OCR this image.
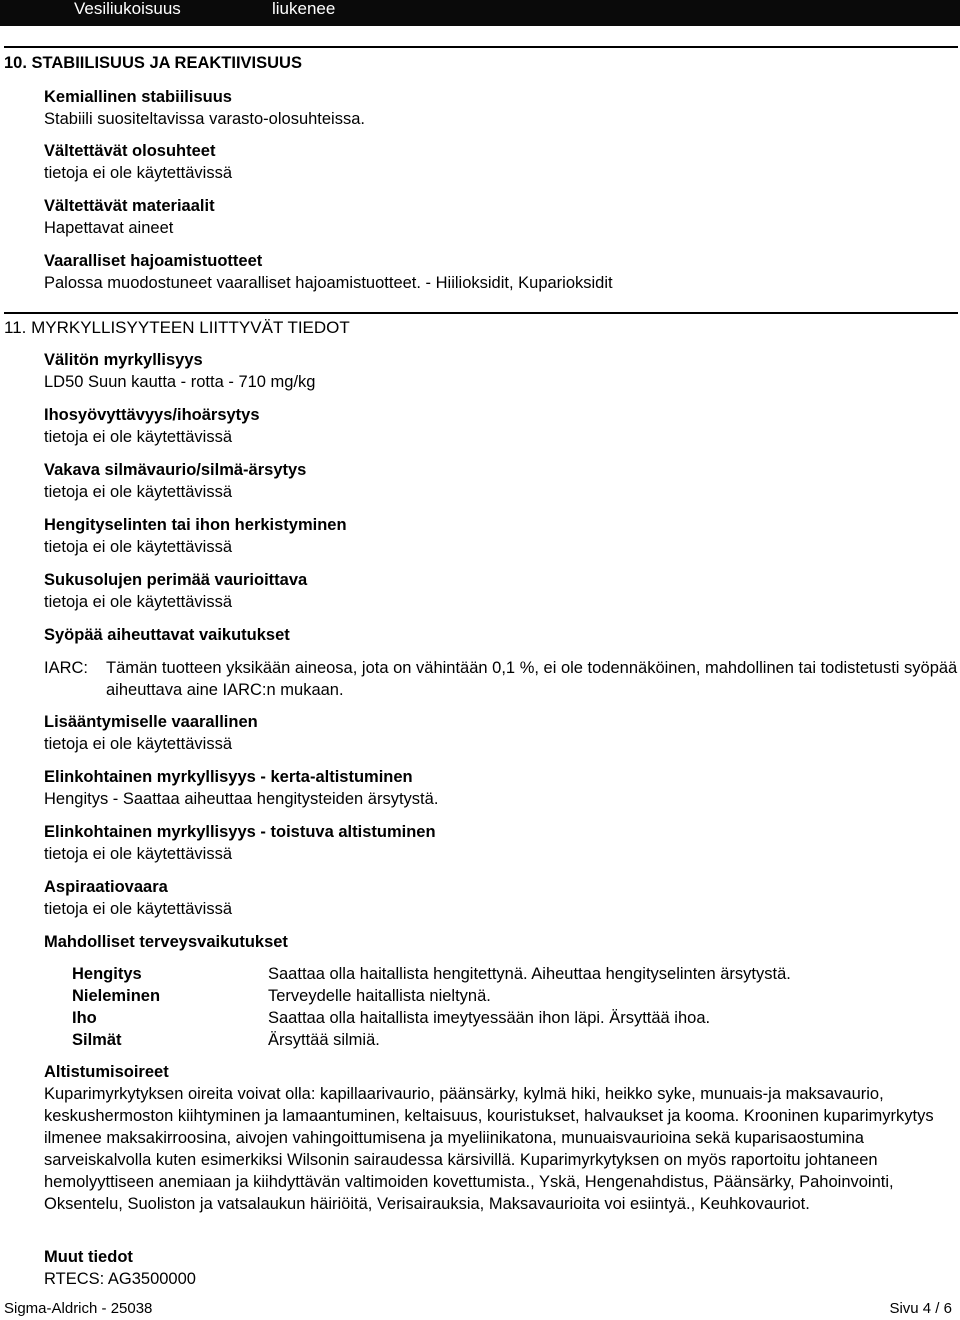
Vesiliukoisuus	liukenee
10. STABIILISUUS JA REAKTIIVISUUS

Kemiallinen stabiilisuus

Stabiili suositeltavissa varasto-olosuhteissa.

Vältettävät olosuhteet

tietoja ei ole käytettävissä

Vältettävät materiaalit

Hapettavat aineet

Vaaralliset hajoamistuotteet

Palossa muodostuneet vaaralliset hajoamistuotteet. - Hiilioksidit, Kuparioksidit

11. MYRKYLLISYYTEEN LIITTYVÄT TIEDOT

Välitön myrkyllisyys

LD50 Suun kautta - rotta - 710 mg/kg

Ihosyövyttävyys/ihoärsytys

tietoja ei ole käytettävissä

Vakava silmävaurio/silmä-ärsytys

tietoja ei ole käytettävissä

Hengityselinten tai ihon herkistyminen

tietoja ei ole käytettävissä

Sukusolujen perimää vaurioittava

tietoja ei ole käytettävissä

Syöpää aiheuttavat vaikutukset

IARC: Tämän tuotteen yksikään aineosa, jota on vähintään 0,1 %, ei ole todennäköinen, mahdollinen tai todistetusti syöpää aiheuttava aine IARC:n mukaan.

Lisääntymiselle vaarallinen

tietoja ei ole käytettävissä

Elinkohtainen myrkyllisyys - kerta-altistuminen

Hengitys - Saattaa aiheuttaa hengitysteiden ärsytystä.

Elinkohtainen myrkyllisyys - toistuva altistuminen

tietoja ei ole käytettävissä

Aspiraatiovaara

tietoja ei ole käytettävissä

Mahdolliset terveysvaikutukset

Hengitys	Saattaa olla haitallista hengitettynä. Aiheuttaa hengityselinten ärsytystä.
Nieleminen	Terveydelle haitallista nieltynä.
Iho	Saattaa olla haitallista imeytyessään ihon läpi. Ärsyttää ihoa.
Silmät	Ärsyttää silmiä.

Altistumisoireet

Kuparimyrkytyksen oireita voivat olla: kapillaarivaurio, päänsärky, kylmä hiki, heikko syke, munuais-ja maksavaurio, keskushermoston kiihtyminen ja lamaantuminen, keltaisuus, kouristukset, halvaukset ja kooma. Krooninen kuparimyrkytys ilmenee maksakirroosina, aivojen vahingoittumisena ja myeliinikatona, munuaisvaurioina sekä kuparisaostumina sarveiskalvolla kuten esimerkiksi Wilsonin sairaudessa kärsivillä. Kuparimyrkytyksen on myös raportoitu johtaneen hemolyyttiseen anemiaan ja kiihdyttävän valtimoiden kovettumista., Yskä, Hengenahdistus, Päänsärky, Pahoinvointi, Oksentelu, Suoliston ja vatsalaukun häiriöitä, Verisairauksia, Maksavaurioita voi esiintyä., Keuhkovauriot.

Muut tiedot

RTECS: AG3500000

Sigma-Aldrich - 25038	Sivu 4 / 6
